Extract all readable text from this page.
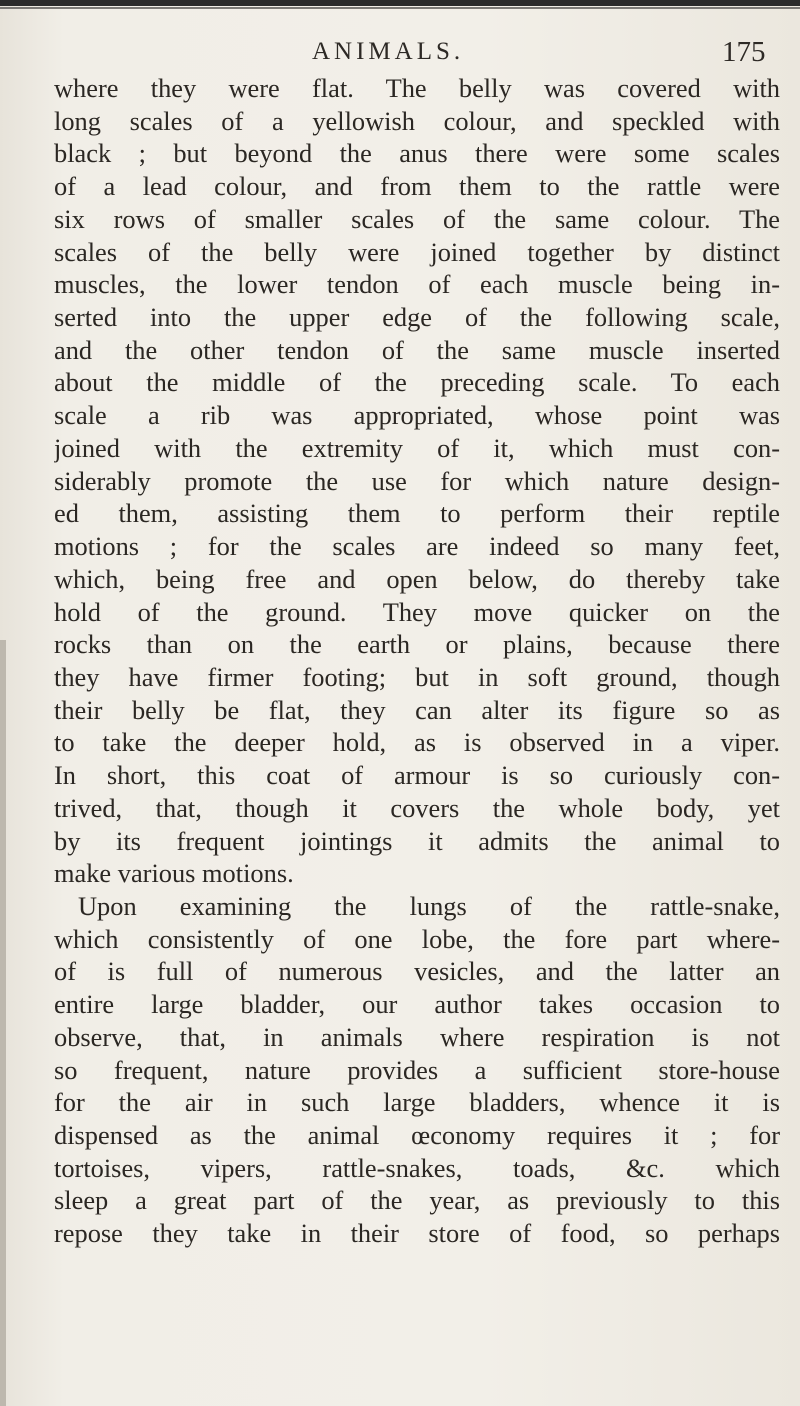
ANIMALS.	175
where they were flat. The belly was covered with
long scales of a yellowish colour, and speckled with
black ; but beyond the anus there were some scales
of a lead colour, and from them to the rattle were
six rows of smaller scales of the same colour. The
scales of the belly were joined together by distinct
muscles, the lower tendon of each muscle being in-
serted into the upper edge of the following scale,
and the other tendon of the same muscle inserted
about the middle of the preceding scale. To each
scale a rib was appropriated, whose point was
joined with the extremity of it, which must con-
siderably promote the use for which nature design-
ed them, assisting them to perform their reptile
motions ; for the scales are indeed so many feet,
which, being free and open below, do thereby take
hold of the ground. They move quicker on the
rocks than on the earth or plains, because there
they have firmer footing; but in soft ground, though
their belly be flat, they can alter its figure so as
to take the deeper hold, as is observed in a viper.
In short, this coat of armour is so curiously con-
trived, that, though it covers the whole body, yet
by its frequent jointings it admits the animal to
make various motions.
Upon examining the lungs of the rattle-snake,
which consistently of one lobe, the fore part where-
of is full of numerous vesicles, and the latter an
entire large bladder, our author takes occasion to
observe, that, in animals where respiration is not
so frequent, nature provides a sufficient store-house
for the air in such large bladders, whence it is
dispensed as the animal œconomy requires it ; for
tortoises, vipers, rattle-snakes, toads, &c. which
sleep a great part of the year, as previously to this
repose they take in their store of food, so perhaps
